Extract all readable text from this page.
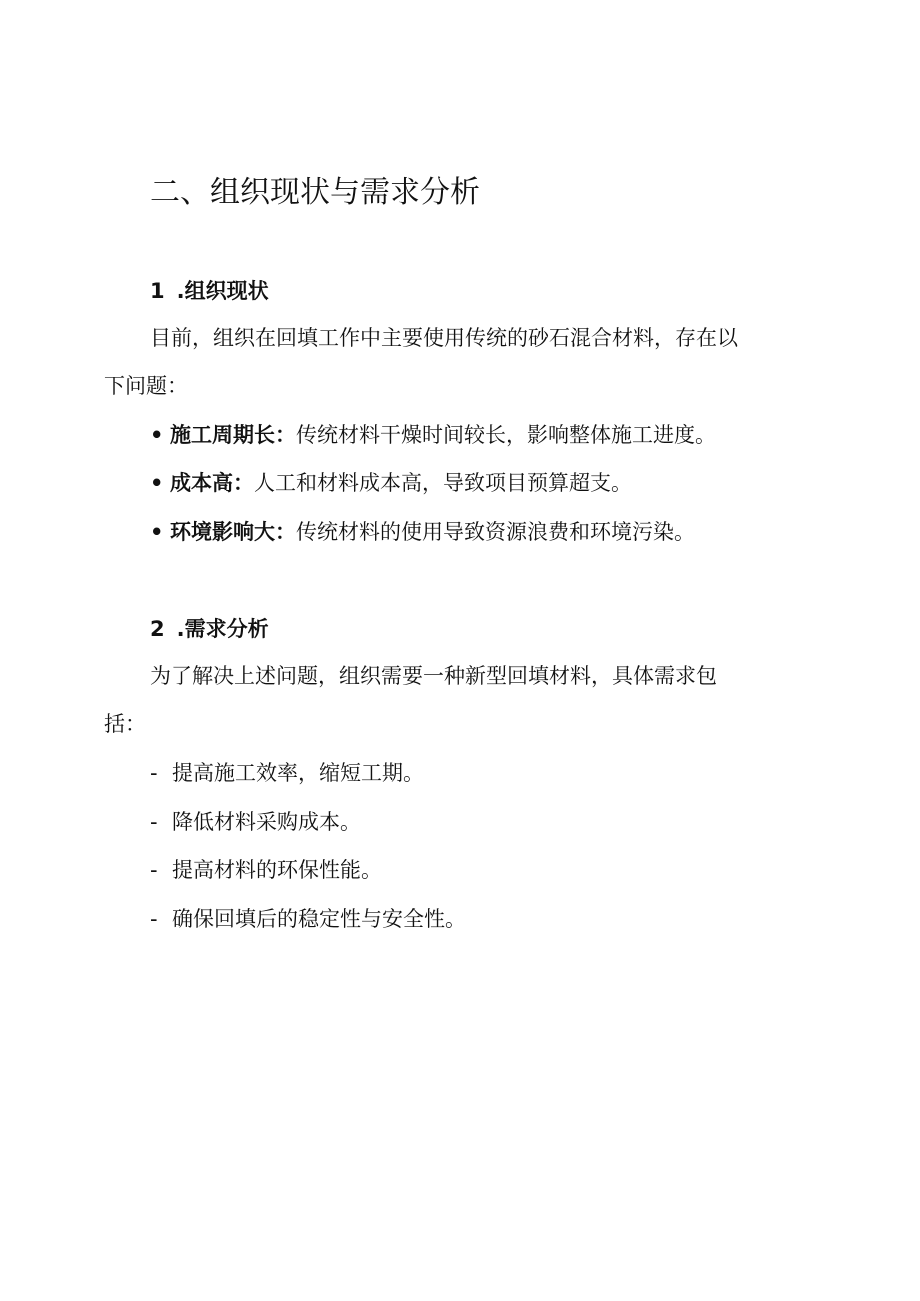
二、组织现状与需求分析
1 .组织现状
目前，组织在回填工作中主要使用传统的砂石混合材料，存在以
下问题：
• 施工周期长：传统材料干燥时间较长，影响整体施工进度。
• 成本高：人工和材料成本高，导致项目预算超支。
• 环境影响大：传统材料的使用导致资源浪费和环境污染。
2 .需求分析
为了解决上述问题，组织需要一种新型回填材料，具体需求包
括：
- 提高施工效率，缩短工期。
- 降低材料采购成本。
- 提高材料的环保性能。
- 确保回填后的稳定性与安全性。
